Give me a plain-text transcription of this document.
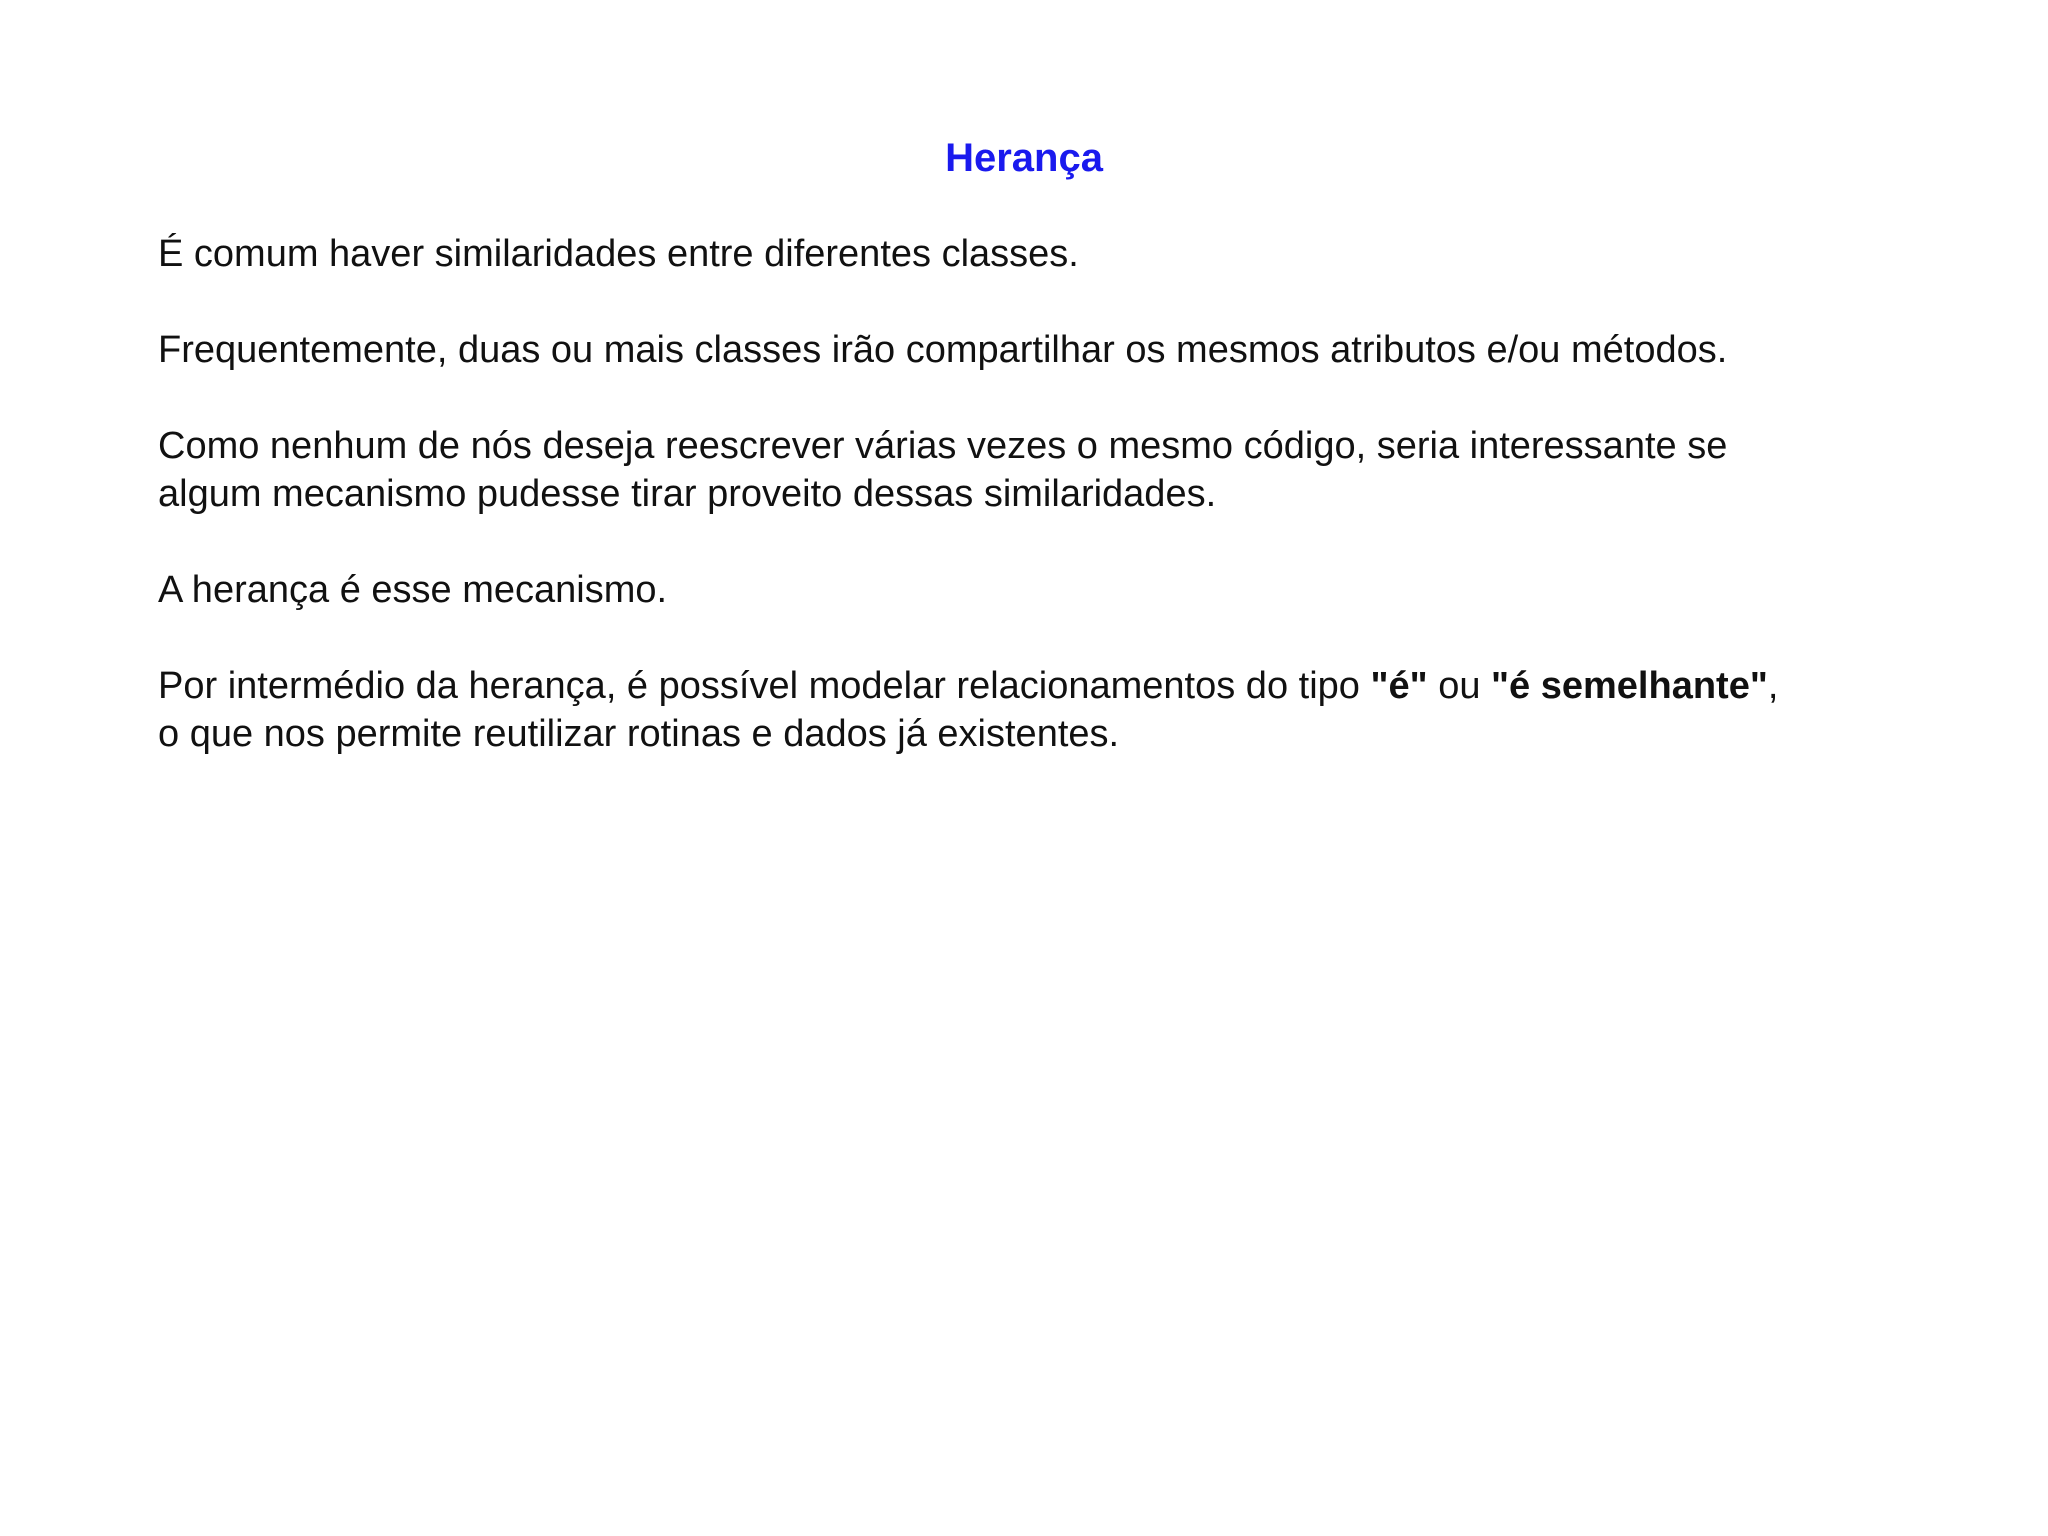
Herança

É comum haver similaridades entre diferentes classes.

Frequentemente, duas ou mais classes irão compartilhar os mesmos atributos e/ou métodos.

Como nenhum de nós deseja reescrever várias vezes o mesmo código, seria interessante se
algum mecanismo pudesse tirar proveito dessas similaridades.

A herança é esse mecanismo.

Por intermédio da herança, é possível modelar relacionamentos do tipo "é" ou "é semelhante",
o que nos permite reutilizar rotinas e dados já existentes.
